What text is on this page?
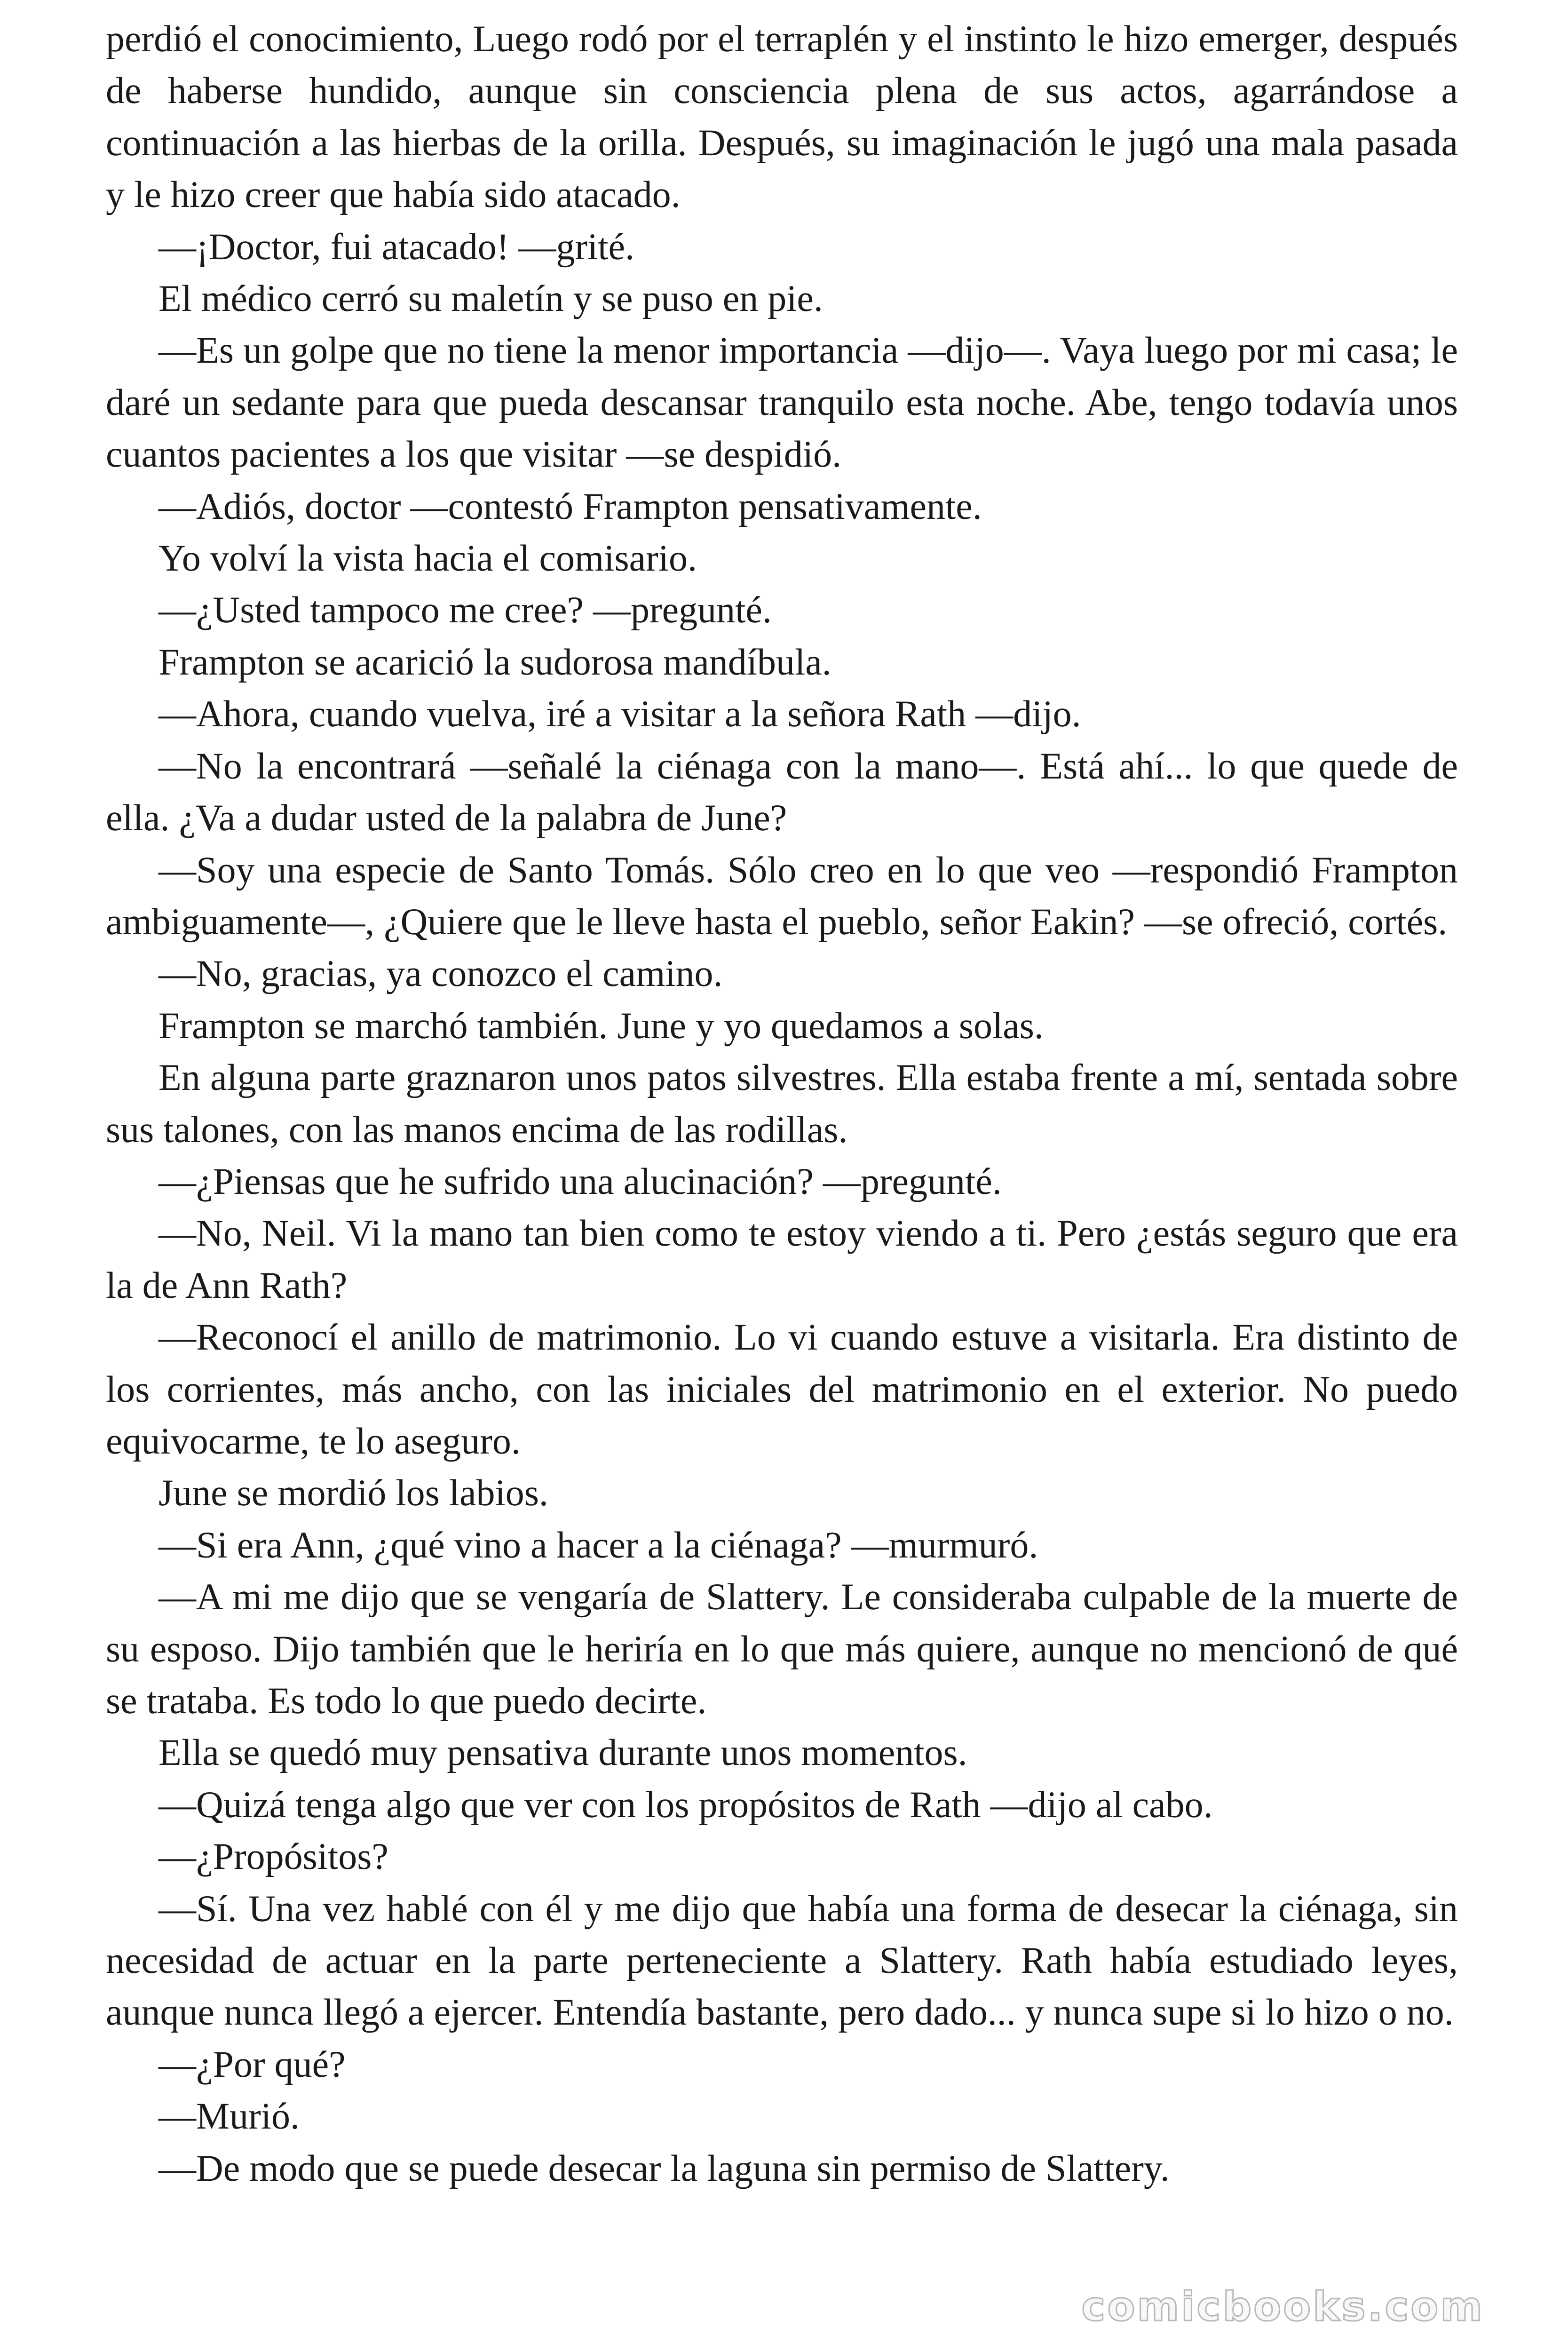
perdió el conocimiento, Luego rodó por el terraplén y el instinto le hizo emerger, después de haberse hundido, aunque sin consciencia plena de sus actos, agarrándose a continuación a las hierbas de la orilla. Después, su imaginación le jugó una mala pasada y le hizo creer que había sido atacado.

—¡Doctor, fui atacado! —grité.

El médico cerró su maletín y se puso en pie.

—Es un golpe que no tiene la menor importancia —dijo—. Vaya luego por mi casa; le daré un sedante para que pueda descansar tranquilo esta noche. Abe, tengo todavía unos cuantos pacientes a los que visitar —se despidió.

—Adiós, doctor —contestó Frampton pensativamente.

Yo volví la vista hacia el comisario.

—¿Usted tampoco me cree? —pregunté.

Frampton se acarició la sudorosa mandíbula.

—Ahora, cuando vuelva, iré a visitar a la señora Rath —dijo.

—No la encontrará —señalé la ciénaga con la mano—. Está ahí... lo que quede de ella. ¿Va a dudar usted de la palabra de June?

—Soy una especie de Santo Tomás. Sólo creo en lo que veo —respondió Frampton ambiguamente—, ¿Quiere que le lleve hasta el pueblo, señor Eakin? —se ofreció, cortés.

—No, gracias, ya conozco el camino.

Frampton se marchó también. June y yo quedamos a solas.

En alguna parte graznaron unos patos silvestres. Ella estaba frente a mí, sentada sobre sus talones, con las manos encima de las rodillas.

—¿Piensas que he sufrido una alucinación? —pregunté.

—No, Neil. Vi la mano tan bien como te estoy viendo a ti. Pero ¿estás seguro que era la de Ann Rath?

—Reconocí el anillo de matrimonio. Lo vi cuando estuve a visitarla. Era distinto de los corrientes, más ancho, con las iniciales del matrimonio en el exterior. No puedo equivocarme, te lo aseguro.

June se mordió los labios.

—Si era Ann, ¿qué vino a hacer a la ciénaga? —murmuró.

—A mi me dijo que se vengaría de Slattery. Le consideraba culpable de la muerte de su esposo. Dijo también que le heriría en lo que más quiere, aunque no mencionó de qué se trataba. Es todo lo que puedo decirte.

Ella se quedó muy pensativa durante unos momentos.

—Quizá tenga algo que ver con los propósitos de Rath —dijo al cabo.

—¿Propósitos?

—Sí. Una vez hablé con él y me dijo que había una forma de desecar la ciénaga, sin necesidad de actuar en la parte perteneciente a Slattery. Rath había estudiado leyes, aunque nunca llegó a ejercer. Entendía bastante, pero dado... y nunca supe si lo hizo o no.

—¿Por qué?

—Murió.

—De modo que se puede desecar la laguna sin permiso de Slattery.

comicbooks.com
